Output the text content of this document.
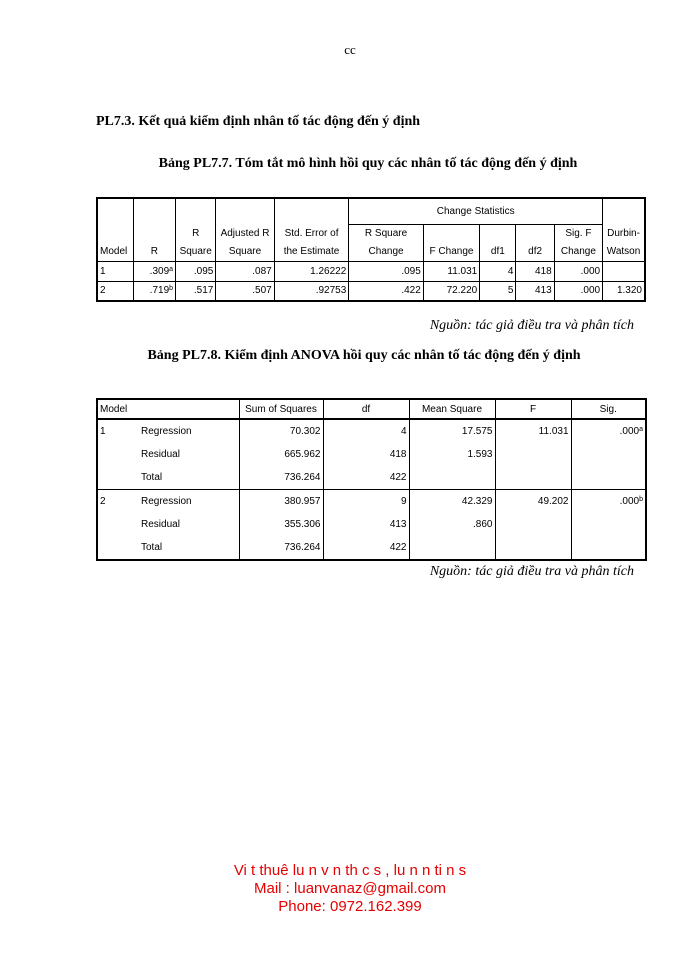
cc
PL7.3. Kết quả kiểm định nhân tố tác động đến ý định
Bảng PL7.7. Tóm tắt mô hình hồi quy các nhân tố tác động đến ý định
					Change Statistics					
		R	Adjusted R	Std. Error of	R Square				Sig. F	Durbin-
Model	R	Square	Square	the Estimate	Change	F Change	df1	df2	Change	Watson
1	.309$^a$	.095	.087	1.26222	.095	11.031	4	418	.000	
2	.719$^b$	.517	.507	.92753	.422	72.220	5	413	.000	1.320
Nguồn: tác giả điều tra và phân tích
Bảng PL7.8. Kiểm định ANOVA hồi quy các nhân tố tác động đến ý định
Model		Sum of Squares	df	Mean Square	F	Sig.
1	Regression	70.302	4	17.575	11.031	.000$^a$
	Residual	665.962	418	1.593		
	Total	736.264	422			
2	Regression	380.957	9	42.329	49.202	.000$^b$
	Residual	355.306	413	.860		
	Total	736.264	422			
Nguồn: tác giả điều tra và phân tích
Vi t thuê lu n v n th c s , lu n n ti n s
Mail : luanvanaz@gmail.com
Phone: 0972.162.399
